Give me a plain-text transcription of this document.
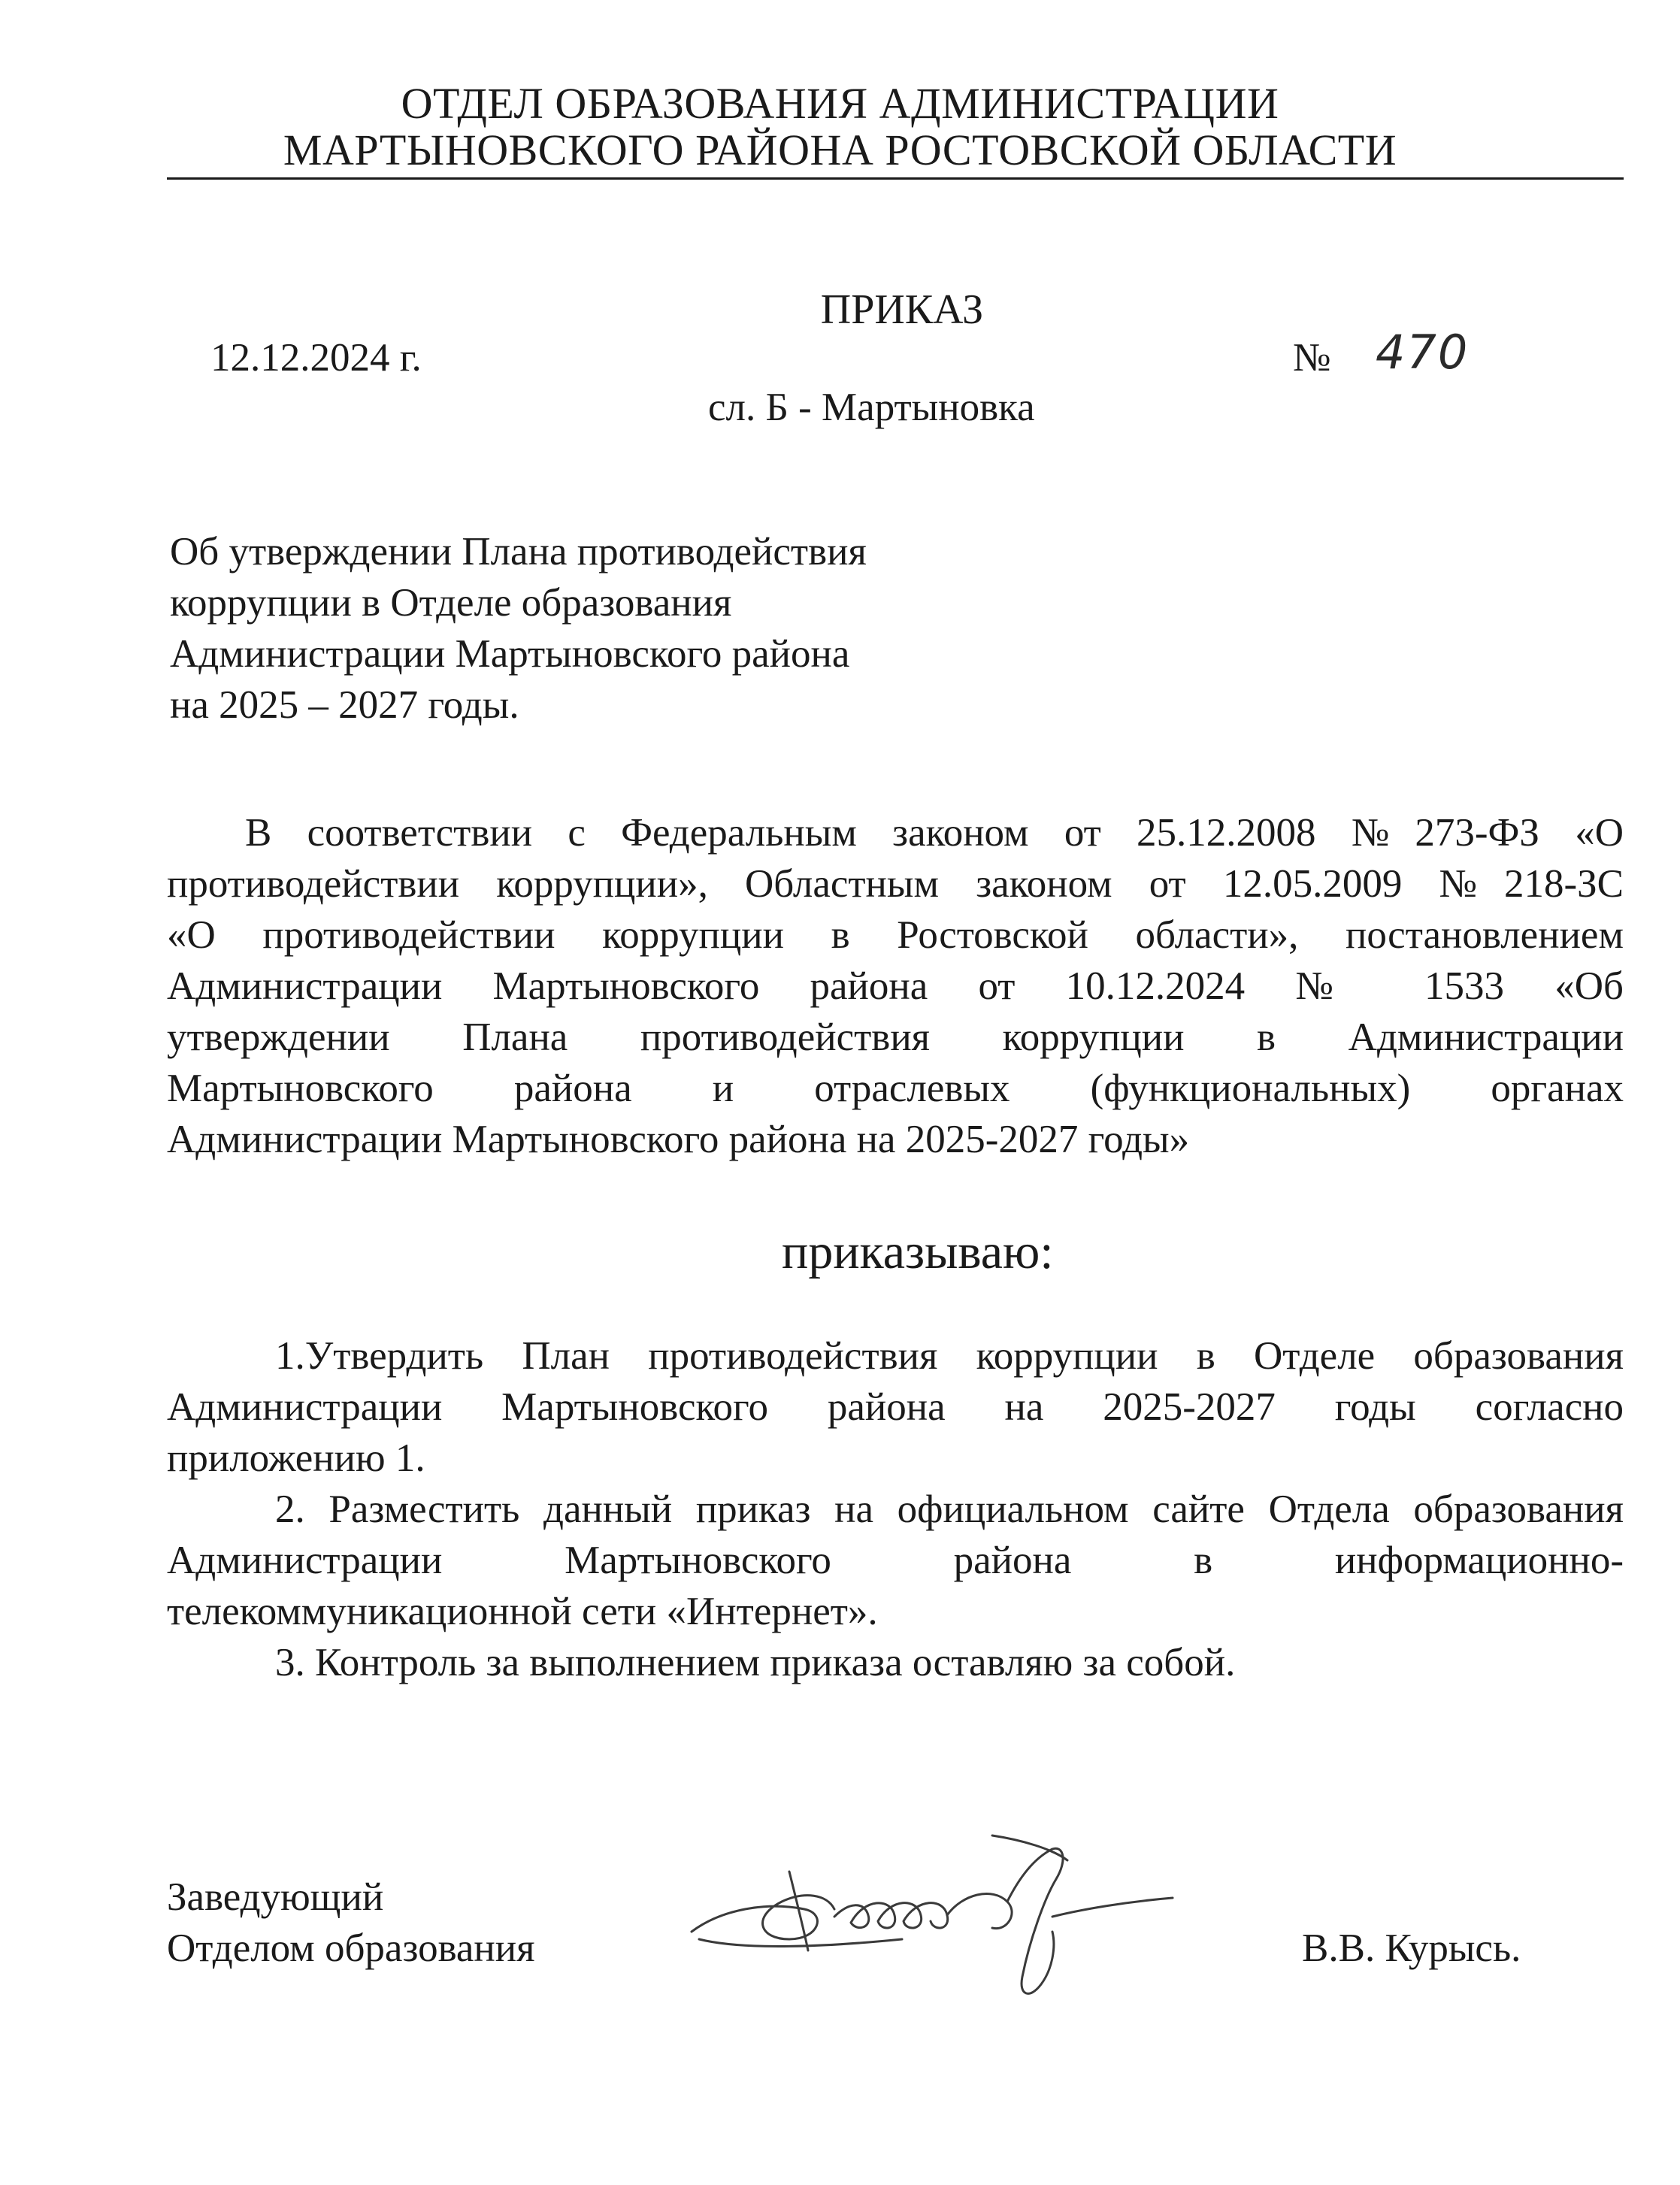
ОТДЕЛ ОБРАЗОВАНИЯ АДМИНИСТРАЦИИ
МАРТЫНОВСКОГО РАЙОНА РОСТОВСКОЙ ОБЛАСТИ
ПРИКАЗ
12.12.2024 г.	№ 470
сл. Б - Мартыновка
Об утверждении Плана противодействия
коррупции в Отделе образования
Администрации Мартыновского района
на 2025 – 2027 годы.
В соответствии с Федеральным законом от 25.12.2008 №273-ФЗ «О
противодействии коррупции», Областным законом от 12.05.2009 №218-ЗС
«О противодействии коррупции в Ростовской области», постановлением
Администрации Мартыновского района от 10.12.2024 № 1533 «Об
утверждении Плана противодействия коррупции в Администрации
Мартыновского района и отраслевых (функциональных) органах
Администрации Мартыновского района на 2025-2027 годы»
приказываю:
1.Утвердить План противодействия коррупции в Отделе образования
Администрации Мартыновского района на 2025-2027 годы согласно
приложению 1.
2. Разместить данный приказ на официальном сайте Отдела образования
Администрации Мартыновского района в информационно-
телекоммуникационной сети «Интернет».
3. Контроль за выполнением приказа оставляю за собой.
Заведующий
Отделом образования	В.В. Курысь.
